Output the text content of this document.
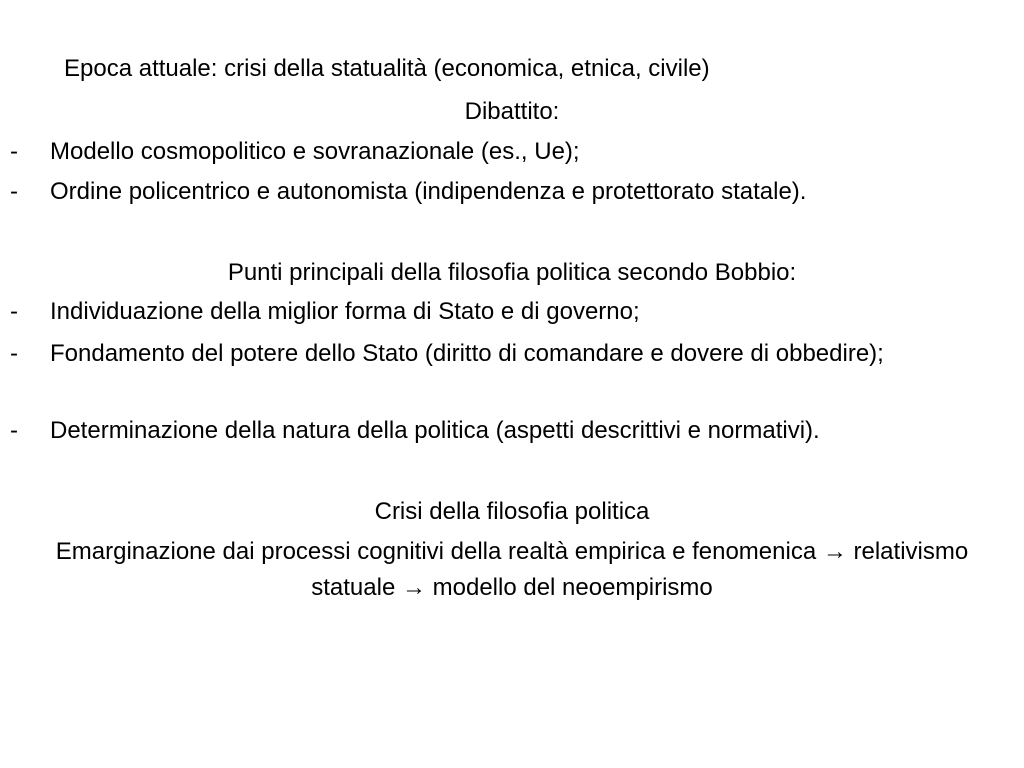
Epoca attuale: crisi della statualità (economica, etnica, civile)
Dibattito:
- Modello cosmopolitico e sovranazionale (es., Ue);
- Ordine policentrico e autonomista (indipendenza e protettorato statale).
Punti principali della filosofia politica secondo Bobbio:
- Individuazione della miglior forma di Stato e di governo;
- Fondamento del potere dello Stato (diritto di comandare e dovere di obbedire);
- Determinazione della natura della politica (aspetti descrittivi e normativi).
Crisi della filosofia politica
Emarginazione dai processi cognitivi della realtà empirica e fenomenica → relativismo statuale → modello del neoempirismo
